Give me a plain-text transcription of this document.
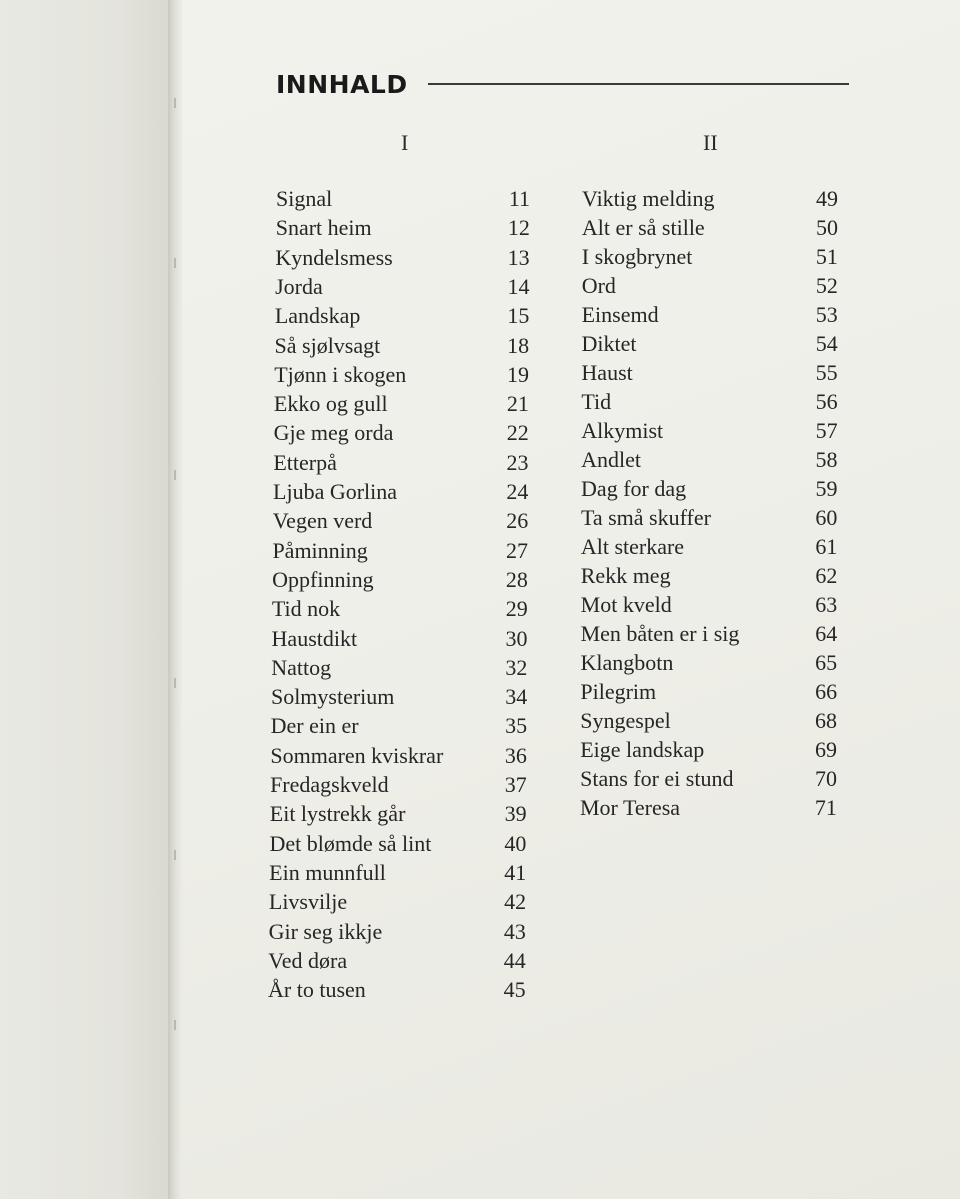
INNHALD
I	II
Signal	11
Snart heim	12
Kyndelsmess	13
Jorda	14
Landskap	15
Så sjølvsagt	18
Tjønn i skogen	19
Ekko og gull	21
Gje meg orda	22
Etterpå	23
Ljuba Gorlina	24
Vegen verd	26
Påminning	27
Oppfinning	28
Tid nok	29
Haustdikt	30
Nattog	32
Solmysterium	34
Der ein er	35
Sommaren kviskrar	36
Fredagskveld	37
Eit lystrekk går	39
Det blømde så lint	40
Ein munnfull	41
Livsvilje	42
Gir seg ikkje	43
Ved døra	44
År to tusen	45
Viktig melding	49
Alt er så stille	50
I skogbrynet	51
Ord	52
Einsemd	53
Diktet	54
Haust	55
Tid	56
Alkymist	57
Andlet	58
Dag for dag	59
Ta små skuffer	60
Alt sterkare	61
Rekk meg	62
Mot kveld	63
Men båten er i sig	64
Klangbotn	65
Pilegrim	66
Syngespel	68
Eige landskap	69
Stans for ei stund	70
Mor Teresa	71
